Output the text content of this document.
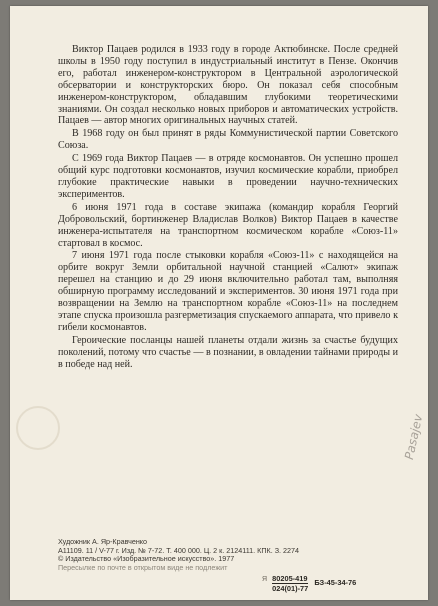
Виктор Пацаев родился в 1933 году в городе Актюбинске. После средней школы в 1950 году поступил в индустриальный институт в Пензе. Окончив его, работал инженером-конструктором в Центральной аэрологической обсерватории и конструкторских бюро. Он показал себя способным инженером-конструктором, обладавшим глубокими теоретическими знаниями. Он создал несколько новых приборов и автоматических устройств. Пацаев — автор многих оригинальных научных статей.

В 1968 году он был принят в ряды Коммунистической партии Советского Союза.

С 1969 года Виктор Пацаев — в отряде космонавтов. Он успешно прошел общий курс подготовки космонавтов, изучил космические корабли, приобрел глубокие практические навыки в проведении научно-технических экспериментов.

6 июня 1971 года в составе экипажа (командир корабля Георгий Добровольский, бортинженер Владислав Волков) Виктор Пацаев в качестве инженера-испытателя на транспортном космическом корабле «Союз-11» стартовал в космос.

7 июня 1971 года после стыковки корабля «Союз-11» с находящейся на орбите вокруг Земли орбитальной научной станцией «Салют» экипаж перешел на станцию и до 29 июня включительно работал там, выполняя обширную программу исследований и экспериментов. 30 июня 1971 года при возвращении на Землю на транспортном корабле «Союз-11» на последнем этапе спуска произошла разгерметизация спускаемого аппарата, что привело к гибели космонавтов.

Героические посланцы нашей планеты отдали жизнь за счастье будущих поколений, потому что счастье — в познании, в овладении тайнами природы и в победе над ней.

Pasajev
Художник А. Яр-Кравченко
А11109. 11 / V-77 г. Изд. № 7-72. Т. 400 000. Ц. 2 к. 2124111. КПК. З. 2274
© Издательство «Изобразительное искусство». 1977
Пересылке по почте в открытом виде не подлежит
Я $\frac{80205-419}{024(01)-77} БЗ-45-34-76$
